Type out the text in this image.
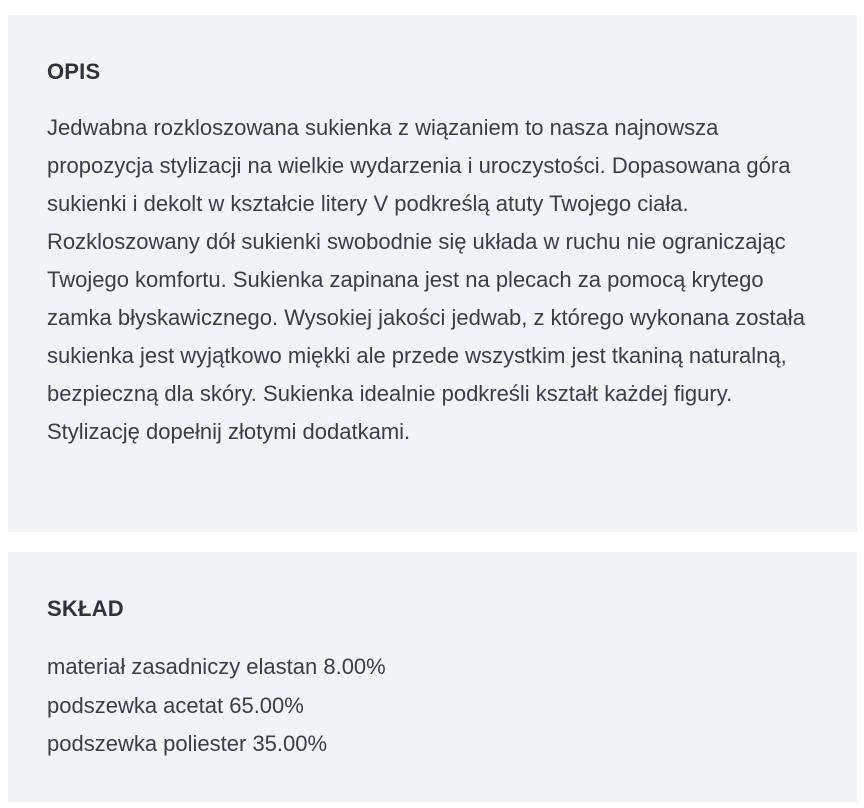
OPIS

Jedwabna rozkloszowana sukienka z wiązaniem to nasza najnowsza propozycja stylizacji na wielkie wydarzenia i uroczystości. Dopasowana góra sukienki i dekolt w kształcie litery V podkreślą atuty Twojego ciała. Rozkloszowany dół sukienki swobodnie się układa w ruchu nie ograniczając Twojego komfortu. Sukienka zapinana jest na plecach za pomocą krytego zamka błyskawicznego. Wysokiej jakości jedwab, z którego wykonana została sukienka jest wyjątkowo miękki ale przede wszystkim jest tkaniną naturalną, bezpieczną dla skóry. Sukienka idealnie podkreśli kształt każdej figury. Stylizację dopełnij złotymi dodatkami.

SKŁAD
materiał zasadniczy elastan 8.00%
podszewka acetat 65.00%
podszewka poliester 35.00%
